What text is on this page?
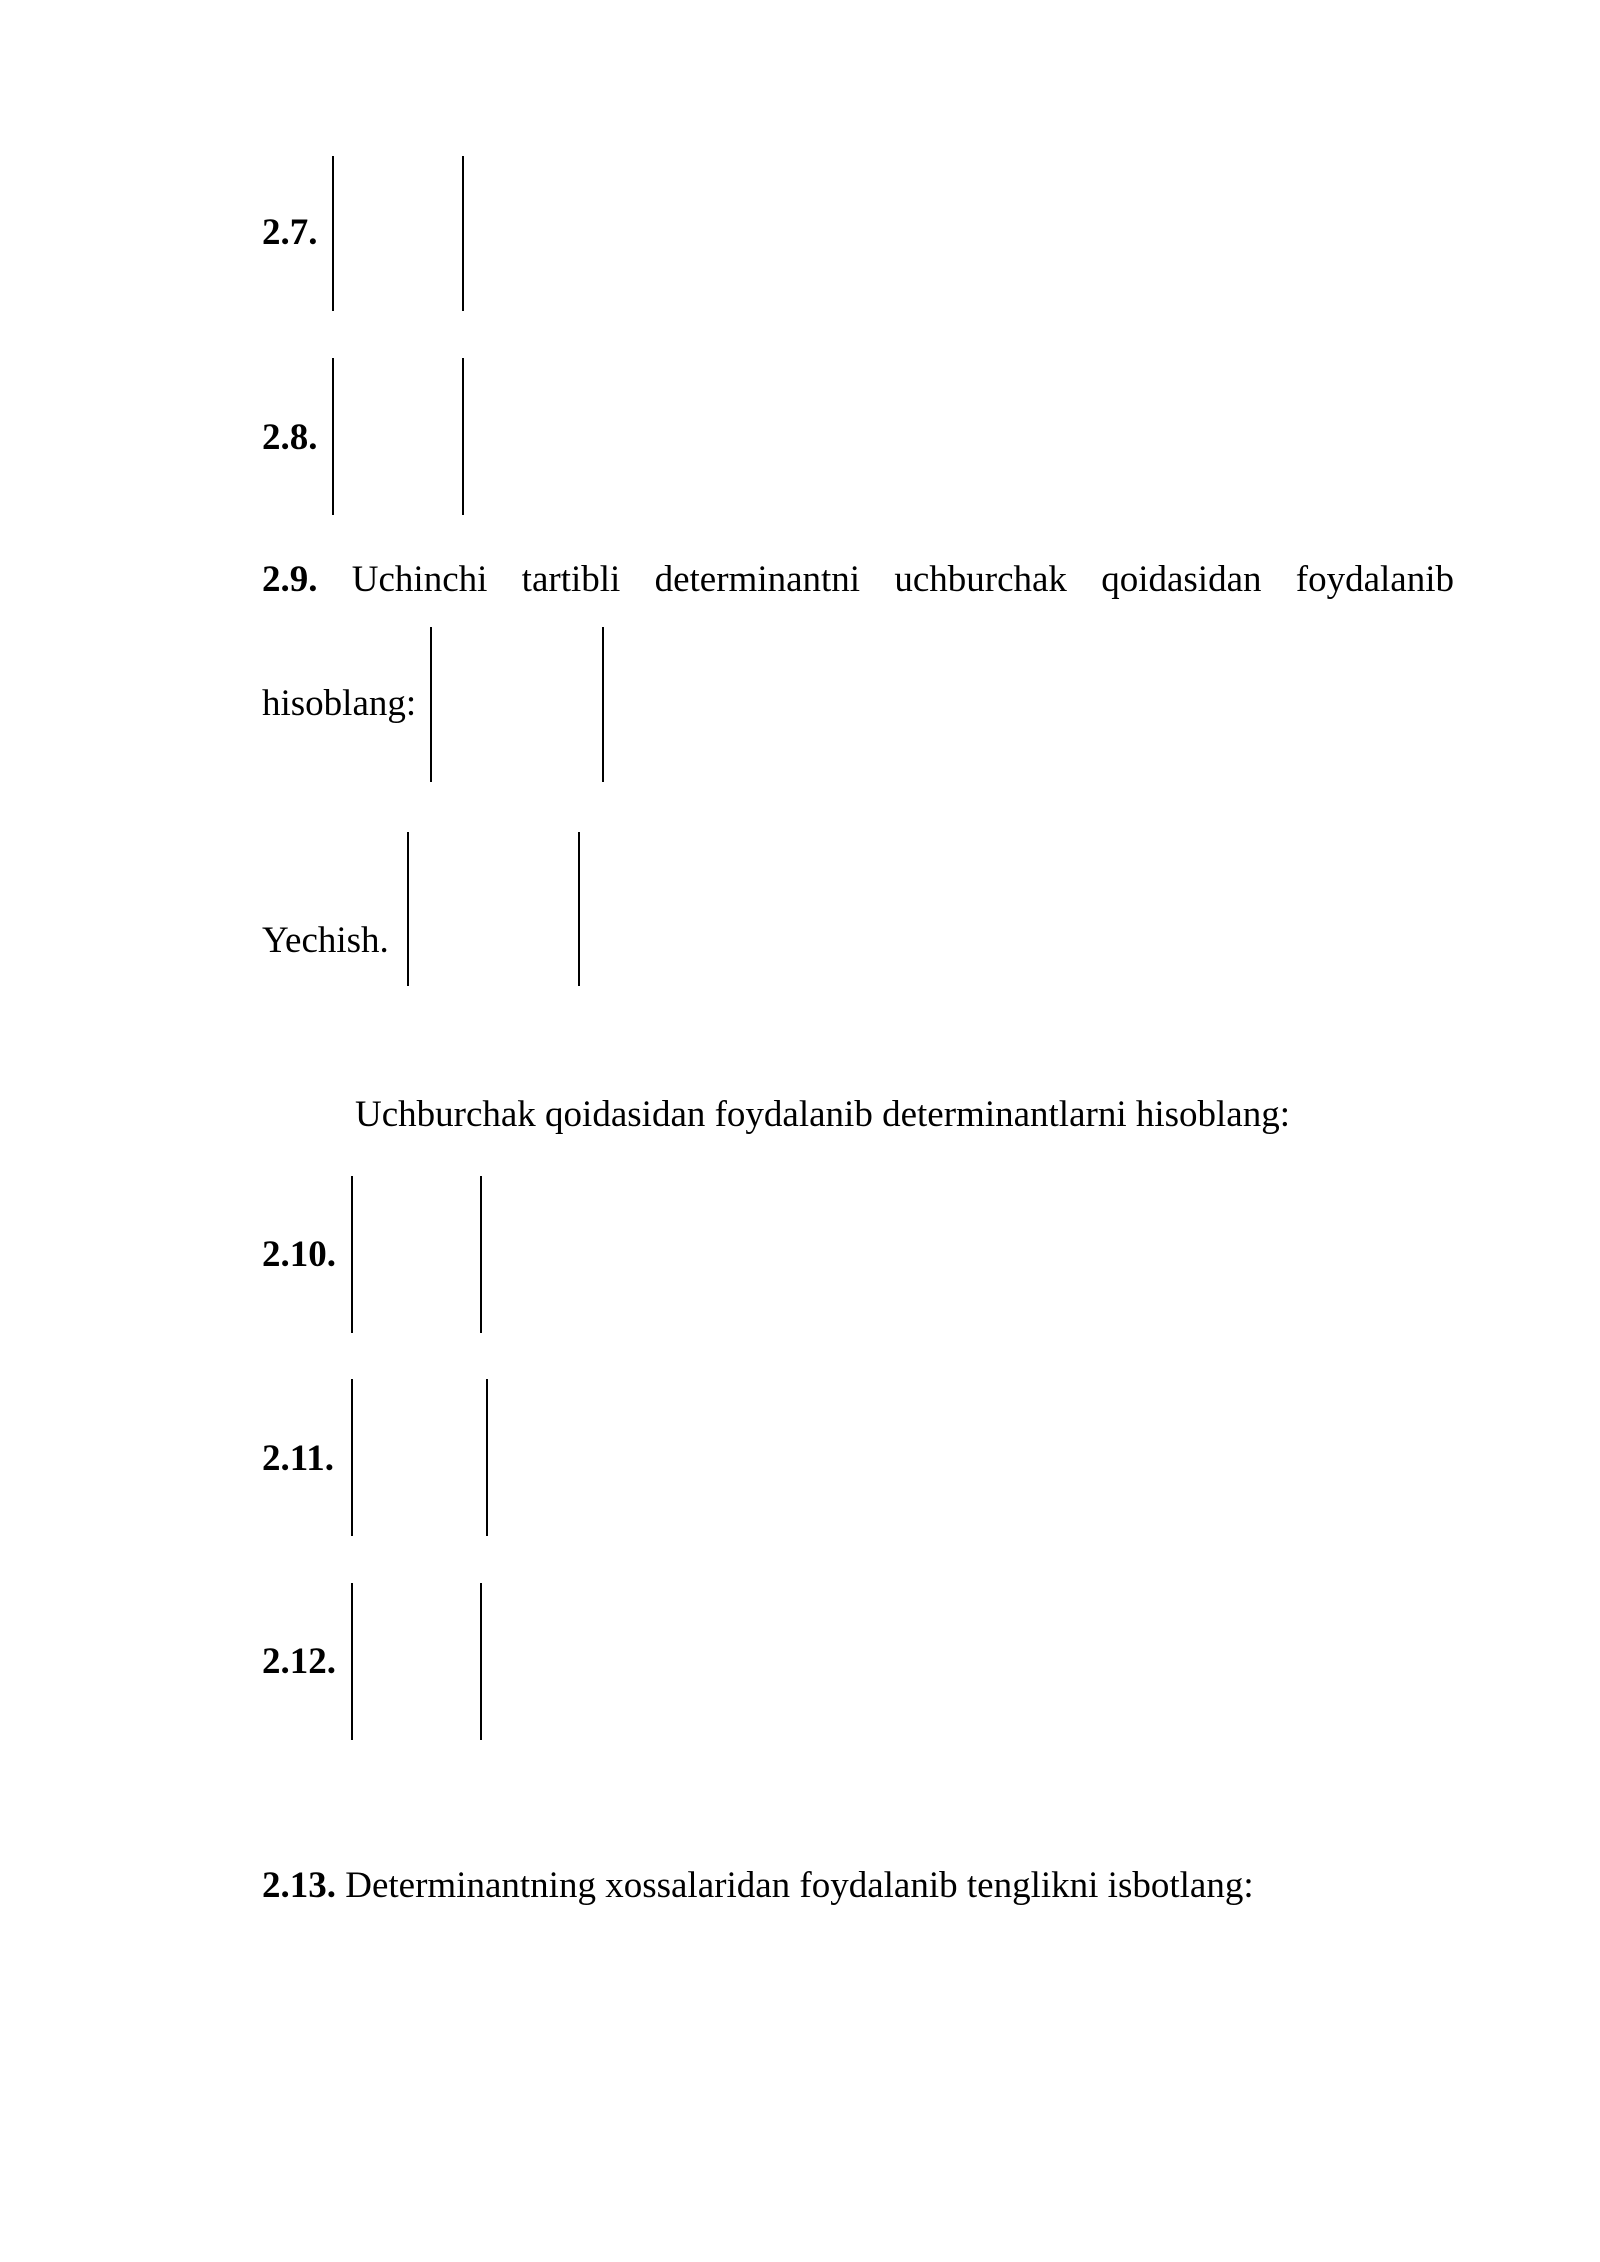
2.7.
2.8.
2.9. Uchinchi tartibli determinantni uchburchak qoidasidan foydalanib
hisoblang:
Yechish.
Uchburchak qoidasidan foydalanib determinantlarni hisoblang:
2.10.
2.11.
2.12.
2.13. Determinantning xossalaridan foydalanib tenglikni isbotlang:
